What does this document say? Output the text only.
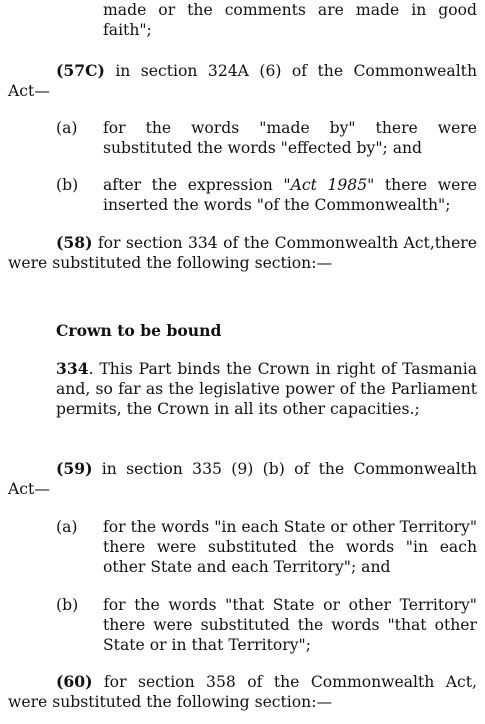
made or the comments are made in good faith";

(57C) in section 324A (6) of the Commonwealth

Act—

(a) for the words "made by" there were substituted the words "effected by"; and

(b) after the expression "Act 1985" there were inserted the words "of the Commonwealth";

(58) for section 334 of the Commonwealth Act,there

were substituted the following section:—

Crown to be bound

334. This Part binds the Crown in right of Tasmania and, so far as the legislative power of the Parliament permits, the Crown in all its other capacities.;

(59) in section 335 (9) (b) of the Commonwealth

Act—

(a) for the words "in each State or other Territory" there were substituted the words "in each other State and each Territory"; and

(b) for the words "that State or other Territory" there were substituted the words "that other State or in that Territory";

(60) for section 358 of the Commonwealth Act,

were substituted the following section:—
